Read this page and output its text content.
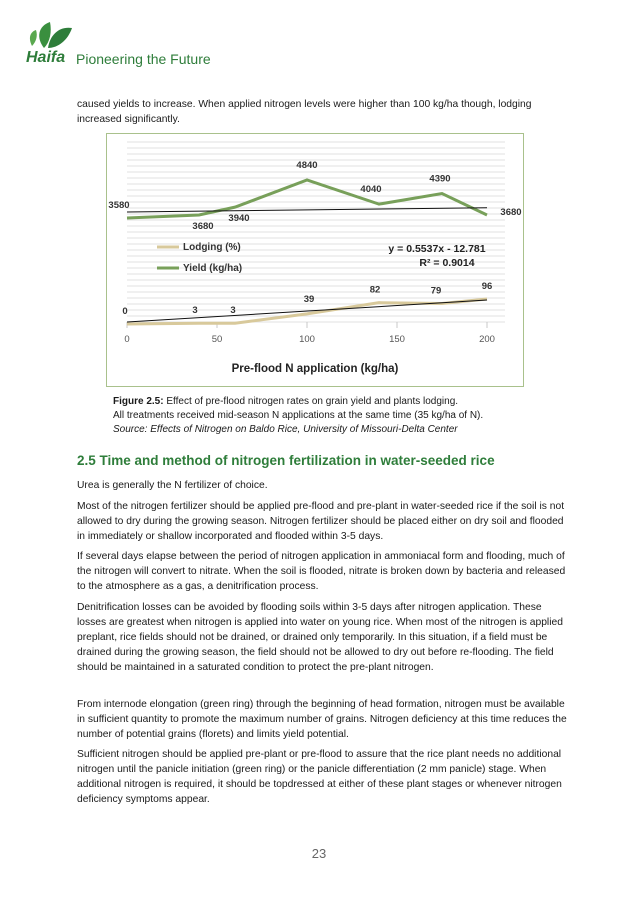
Haifa Pioneering the Future
caused yields to increase. When applied nitrogen levels were higher than 100 kg/ha though, lodging increased significantly.
0	50	100	150	200
0	3	3
39
82	79	96
3580
3680
3940
4840
4040
4390
3680
Lodging (%)
Yield (kg/ha)
y = 0.5537x - 12.781
R² = 0.9014
Pre-flood N application (kg/ha)
Figure 2.5: Effect of pre-flood nitrogen rates on grain yield and plants lodging.
All treatments received mid-season N applications at the same time (35 kg/ha of N).
Source: Effects of Nitrogen on Baldo Rice, University of Missouri-Delta Center
2.5 Time and method of nitrogen fertilization in water-seeded rice
Urea is generally the N fertilizer of choice.
Most of the nitrogen fertilizer should be applied pre-flood and pre-plant in water-seeded rice if the soil is not allowed to dry during the growing season. Nitrogen fertilizer should be placed either on dry soil and flooded in immediately or shallow incorporated and flooded within 3-5 days.
If several days elapse between the period of nitrogen application in ammoniacal form and flooding, much of the nitrogen will convert to nitrate. When the soil is flooded, nitrate is broken down by bacteria and released to the atmosphere as a gas, a denitrification process.
Denitrification losses can be avoided by flooding soils within 3-5 days after nitrogen application. These losses are greatest when nitrogen is applied into water on young rice. When most of the nitrogen is applied preplant, rice fields should not be drained, or drained only temporarily. In this situation, if a field must be drained during the growing season, the field should not be allowed to dry out before re-flooding. The field should be maintained in a saturated condition to protect the pre-plant nitrogen.
From internode elongation (green ring) through the beginning of head formation, nitrogen must be available in sufficient quantity to promote the maximum number of grains. Nitrogen deficiency at this time reduces the number of potential grains (florets) and limits yield potential.
Sufficient nitrogen should be applied pre-plant or pre-flood to assure that the rice plant needs no additional nitrogen until the panicle initiation (green ring) or the panicle differentiation (2 mm panicle) stage. When additional nitrogen is required, it should be topdressed at either of these plant stages or whenever nitrogen deficiency symptoms appear.
23
